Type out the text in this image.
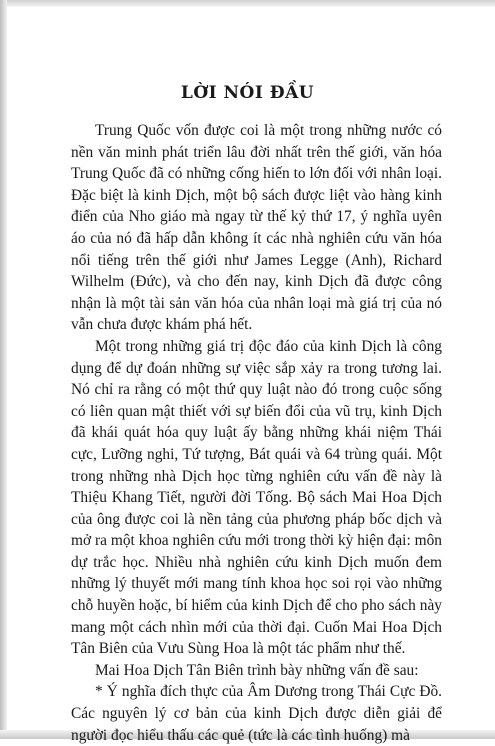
LỜI NÓI ĐẦU

Trung Quốc vốn được coi là một trong những nước có nền văn minh phát triển lâu đời nhất trên thế giới, văn hóa Trung Quốc đã có những cống hiến to lớn đối với nhân loại. Đặc biệt là kinh Dịch, một bộ sách được liệt vào hàng kinh điển của Nho giáo mà ngay từ thế kỷ thứ 17, ý nghĩa uyên áo của nó đã hấp dẫn không ít các nhà nghiên cứu văn hóa nổi tiếng trên thế giới như James Legge (Anh), Richard Wilhelm (Đức), và cho đến nay, kinh Dịch đã được công nhận là một tài sản văn hóa của nhân loại mà giá trị của nó vẫn chưa được khám phá hết.

Một trong những giá trị độc đáo của kinh Dịch là công dụng để dự đoán những sự việc sắp xảy ra trong tương lai. Nó chỉ ra rằng có một thứ quy luật nào đó trong cuộc sống có liên quan mật thiết với sự biến đổi của vũ trụ, kinh Dịch đã khái quát hóa quy luật ấy bằng những khái niệm Thái cực, Lưỡng nghi, Tứ tượng, Bát quái và 64 trùng quái. Một trong những nhà Dịch học từng nghiên cứu vấn đề này là Thiệu Khang Tiết, người đời Tống. Bộ sách Mai Hoa Dịch của ông được coi là nền tảng của phương pháp bốc dịch và mở ra một khoa nghiên cứu mới trong thời kỳ hiện đại: môn dự trắc học. Nhiều nhà nghiên cứu kinh Dịch muốn đem những lý thuyết mới mang tính khoa học soi rọi vào những chỗ huyền hoặc, bí hiểm của kinh Dịch để cho pho sách này mang một cách nhìn mới của thời đại. Cuốn Mai Hoa Dịch Tân Biên của Vưu Sùng Hoa là một tác phẩm như thế.

Mai Hoa Dịch Tân Biên trình bày những vấn đề sau:

* Ý nghĩa đích thực của Âm Dương trong Thái Cực Đồ. Các nguyên lý cơ bản của kinh Dịch được diễn giải để người đọc hiểu thấu các quẻ (tức là các tình huống) mà
